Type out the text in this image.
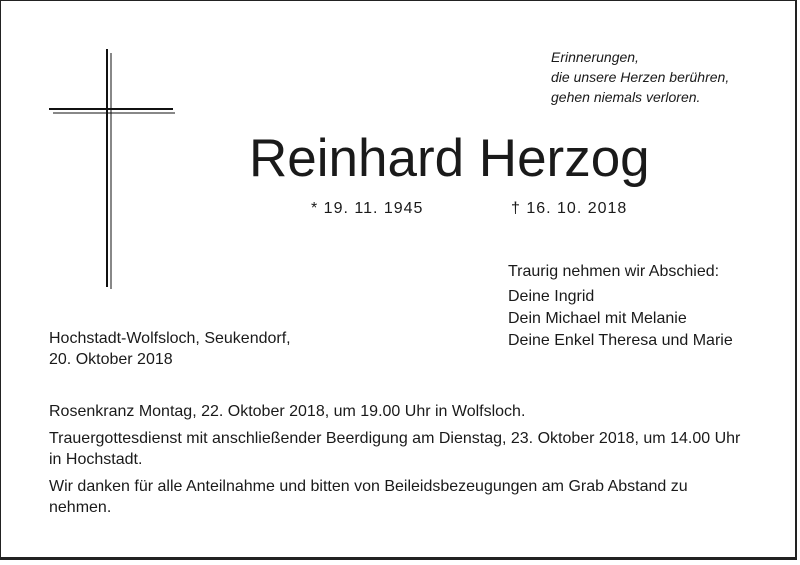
Erinnerungen,
die unsere Herzen berühren,
gehen niemals verloren.
Reinhard Herzog
* 19. 11. 1945	† 16. 10. 2018
Traurig nehmen wir Abschied:
Deine Ingrid
Dein Michael mit Melanie
Deine Enkel Theresa und Marie
Hochstadt-Wolfsloch, Seukendorf,
20. Oktober 2018

Rosenkranz Montag, 22. Oktober 2018, um 19.00 Uhr in Wolfsloch.

Trauergottesdienst mit anschließender Beerdigung am Dienstag, 23. Oktober 2018, um 14.00 Uhr in Hochstadt.

Wir danken für alle Anteilnahme und bitten von Beileidsbezeugungen am Grab Abstand zu nehmen.
